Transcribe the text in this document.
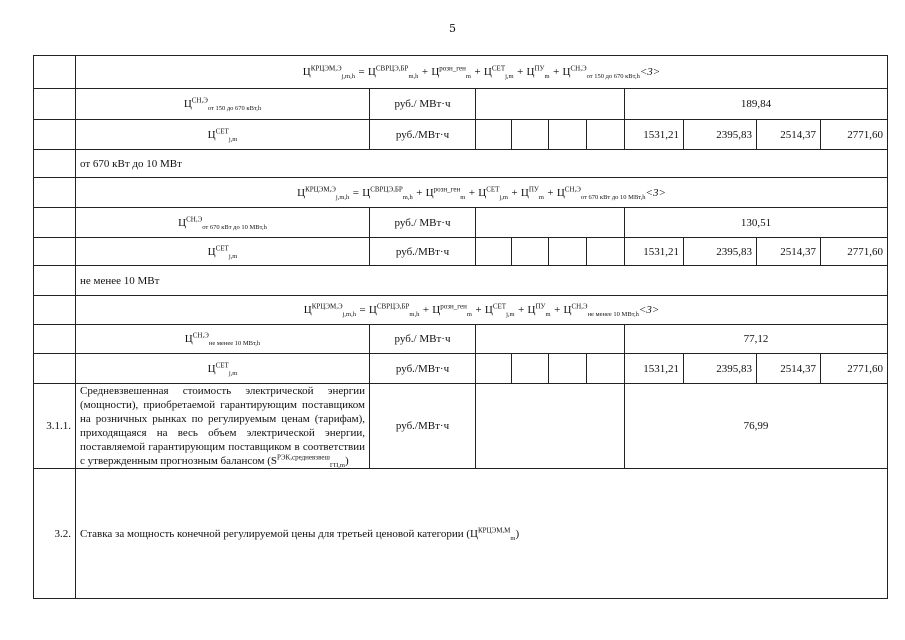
5

	$Ц^{КРЦЭМ,Э}_{j,m,h} = Ц^{СВРЦЭ,БР}_{m,h} + Ц^{розн\_ген}_m + Ц^{СЕТ}_{j,m} + Ц^{ПУ}_m + Ц^{СН,Э}_{от 150 до 670 кВт,h}<3>$									

	$Ц^{СН,Э}_{от 150 до 670 кВт,h}$	руб./ МВт·ч					189,84			
	$Ц^{СЕТ}_{j,m}$	руб./МВт·ч					1531,21	2395,83	2514,37	2771,60
	от 670 кВт до 10 МВт									

	$Ц^{КРЦЭМ,Э}_{j,m,h} = Ц^{СВРЦЭ,БР}_{m,h} + Ц^{розн\_ген}_m + Ц^{СЕТ}_{j,m} + Ц^{ПУ}_m + Ц^{СН,Э}_{от 670 кВт до 10 МВт,h}<3>$									

	$Ц^{СН,Э}_{от 670 кВт до 10 МВт,h}$	руб./ МВт·ч					130,51			
	$Ц^{СЕТ}_{j,m}$	руб./МВт·ч					1531,21	2395,83	2514,37	2771,60
	не менее 10 МВт									

	$Ц^{КРЦЭМ,Э}_{j,m,h} = Ц^{СВРЦЭ,БР}_{m,h} + Ц^{розн\_ген}_m + Ц^{СЕТ}_{j,m} + Ц^{ПУ}_m + Ц^{СН,Э}_{не менее 10 МВт,h}<3>$									

	$Ц^{СН,Э}_{не менее 10 МВт,h}$	руб./ МВт·ч					77,12			
	$Ц^{СЕТ}_{j,m}$	руб./МВт·ч					1531,21	2395,83	2514,37	2771,60
3.1.1.	Средневзвешенная стоимость электрической энергии (мощности), приобретаемой гарантирующим поставщиком на розничных рынках по регулируемым ценам (тарифам), приходящаяся на весь объем электрической энергии, поставляемой гарантирующим поставщиком в соответствии с утвержденным прогнозным балансом $(S^{РЭК,средневзвеш}_{ГП,m})$	руб./МВт·ч					76,99			
3.2.	Ставка за мощность конечной регулируемой цены для третьей ценовой категории $(Ц^{КРЦЭМ,М}_m)$									
